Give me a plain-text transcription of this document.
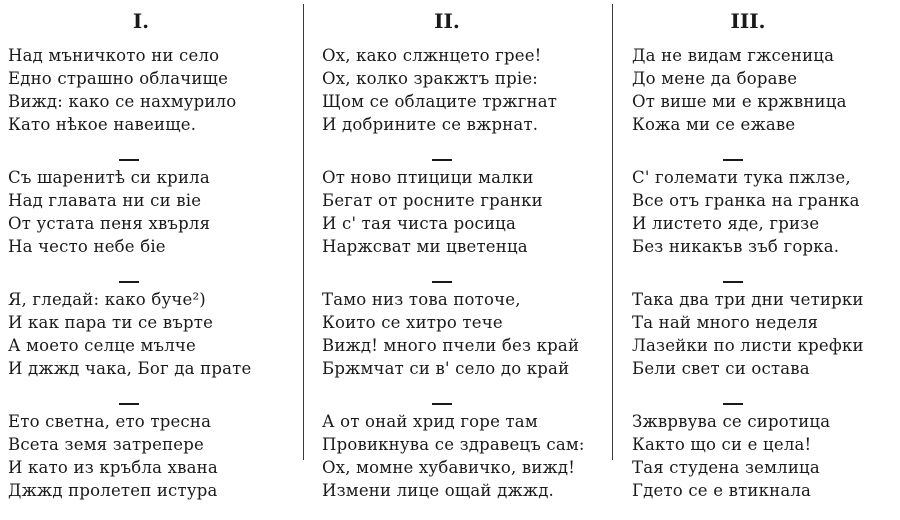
I.
Над мъничкото ни село
Едно страшно облачище
Вижд: како се нахмурило
Като нѣкое навеище.
Съ шаренитѣ си крила
Над главата ни си вie
От устата пеня хвърля
На често небе бie
Я, гледай: како буче²)
И как пара ти се върте
А моето селце мълче
И джжд чака, Бог да прате
Ето светна, ето тресна
Всета земя затрепере
И като из кръбла хвана
Джжд пролетеп истура
II.
Ох, како слжнцето грее!
Ох, колко зракжтъ прiе:
Щом се облаците тржгнат
И добрините се вжрнат.
От ново птицици малки
Бегат от росните гранки
И с' тая чиста росица
Наржсват ми цветенца
Тамо низ това поточе,
Които се хитро тече
Вижд! много пчели без край
Бржмчат си в' село до край
А от онай хрид горе там
Провикнува се здравецъ сам:
Ох, момне хубавичко, вижд!
Измени лице ощай джжд.
III.
Да не видам гжсеница
До мене да бораве
От више ми е кржвница
Кожа ми се ежаве
С' големати тука пжлзе,
Все отъ гранка на гранка
И листето яде, гризе
Без никакъв зъб горка.
Така два три дни четирки
Та най много неделя
Лазейки по листи крефки
Бели свет си остава
Зжврвува се сиротица
Както що си е цела!
Тая студена землица
Гдето се е втикнала
